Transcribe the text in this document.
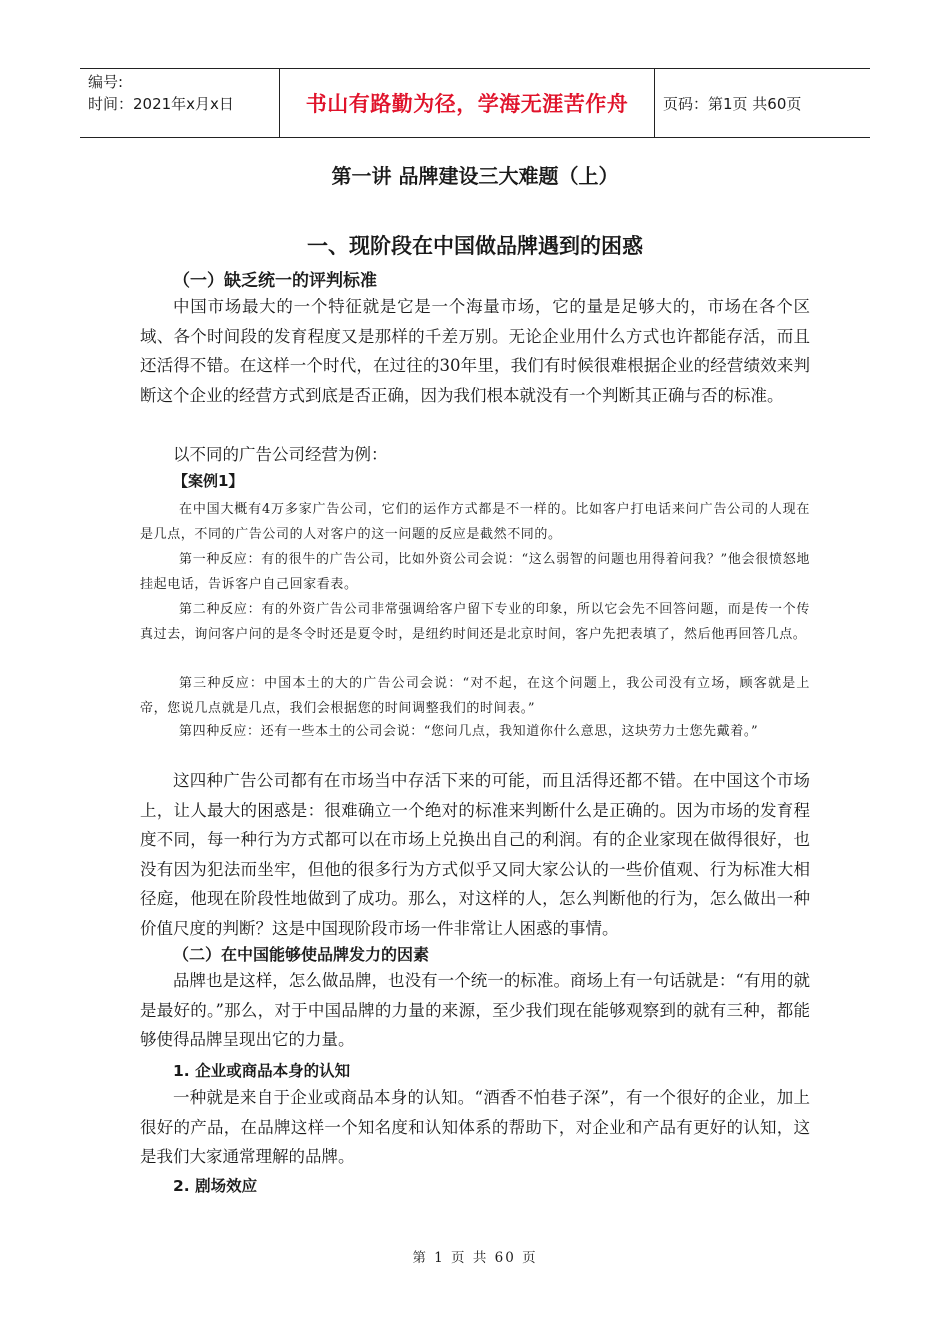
编号:
时间：2021年x月x日	书山有路勤为径，学海无涯苦作舟	页码：第1页 共60页
第一讲 品牌建设三大难题（上）
一、现阶段在中国做品牌遇到的困惑
（一）缺乏统一的评判标准

中国市场最大的一个特征就是它是一个海量市场，它的量是足够大的，市场在各个区域、各个时间段的发育程度又是那样的千差万别。无论企业用什么方式也许都能存活，而且还活得不错。在这样一个时代，在过往的30年里，我们有时候很难根据企业的经营绩效来判断这个企业的经营方式到底是否正确，因为我们根本就没有一个判断其正确与否的标准。

以不同的广告公司经营为例：

【案例1】

在中国大概有4万多家广告公司，它们的运作方式都是不一样的。比如客户打电话来问广告公司的人现在是几点，不同的广告公司的人对客户的这一问题的反应是截然不同的。

第一种反应：有的很牛的广告公司，比如外资公司会说：“这么弱智的问题也用得着问我？”他会很愤怒地挂起电话，告诉客户自己回家看表。

第二种反应：有的外资广告公司非常强调给客户留下专业的印象，所以它会先不回答问题，而是传一个传真过去，询问客户问的是冬令时还是夏令时，是纽约时间还是北京时间，客户先把表填了，然后他再回答几点。

第三种反应：中国本土的大的广告公司会说：“对不起，在这个问题上，我公司没有立场，顾客就是上帝，您说几点就是几点，我们会根据您的时间调整我们的时间表。”

第四种反应：还有一些本土的公司会说：“您问几点，我知道你什么意思，这块劳力士您先戴着。”

这四种广告公司都有在市场当中存活下来的可能，而且活得还都不错。在中国这个市场上，让人最大的困惑是：很难确立一个绝对的标准来判断什么是正确的。因为市场的发育程度不同，每一种行为方式都可以在市场上兑换出自己的利润。有的企业家现在做得很好，也没有因为犯法而坐牢，但他的很多行为方式似乎又同大家公认的一些价值观、行为标准大相径庭，他现在阶段性地做到了成功。那么，对这样的人，怎么判断他的行为，怎么做出一种价值尺度的判断？这是中国现阶段市场一件非常让人困惑的事情。

（二）在中国能够使品牌发力的因素

品牌也是这样，怎么做品牌，也没有一个统一的标准。商场上有一句话就是：“有用的就是最好的。”那么，对于中国品牌的力量的来源，至少我们现在能够观察到的就有三种，都能够使得品牌呈现出它的力量。

1. 企业或商品本身的认知

一种就是来自于企业或商品本身的认知。“酒香不怕巷子深”，有一个很好的企业，加上很好的产品，在品牌这样一个知名度和认知体系的帮助下，对企业和产品有更好的认知，这是我们大家通常理解的品牌。

2. 剧场效应
第 1 页 共 60 页
